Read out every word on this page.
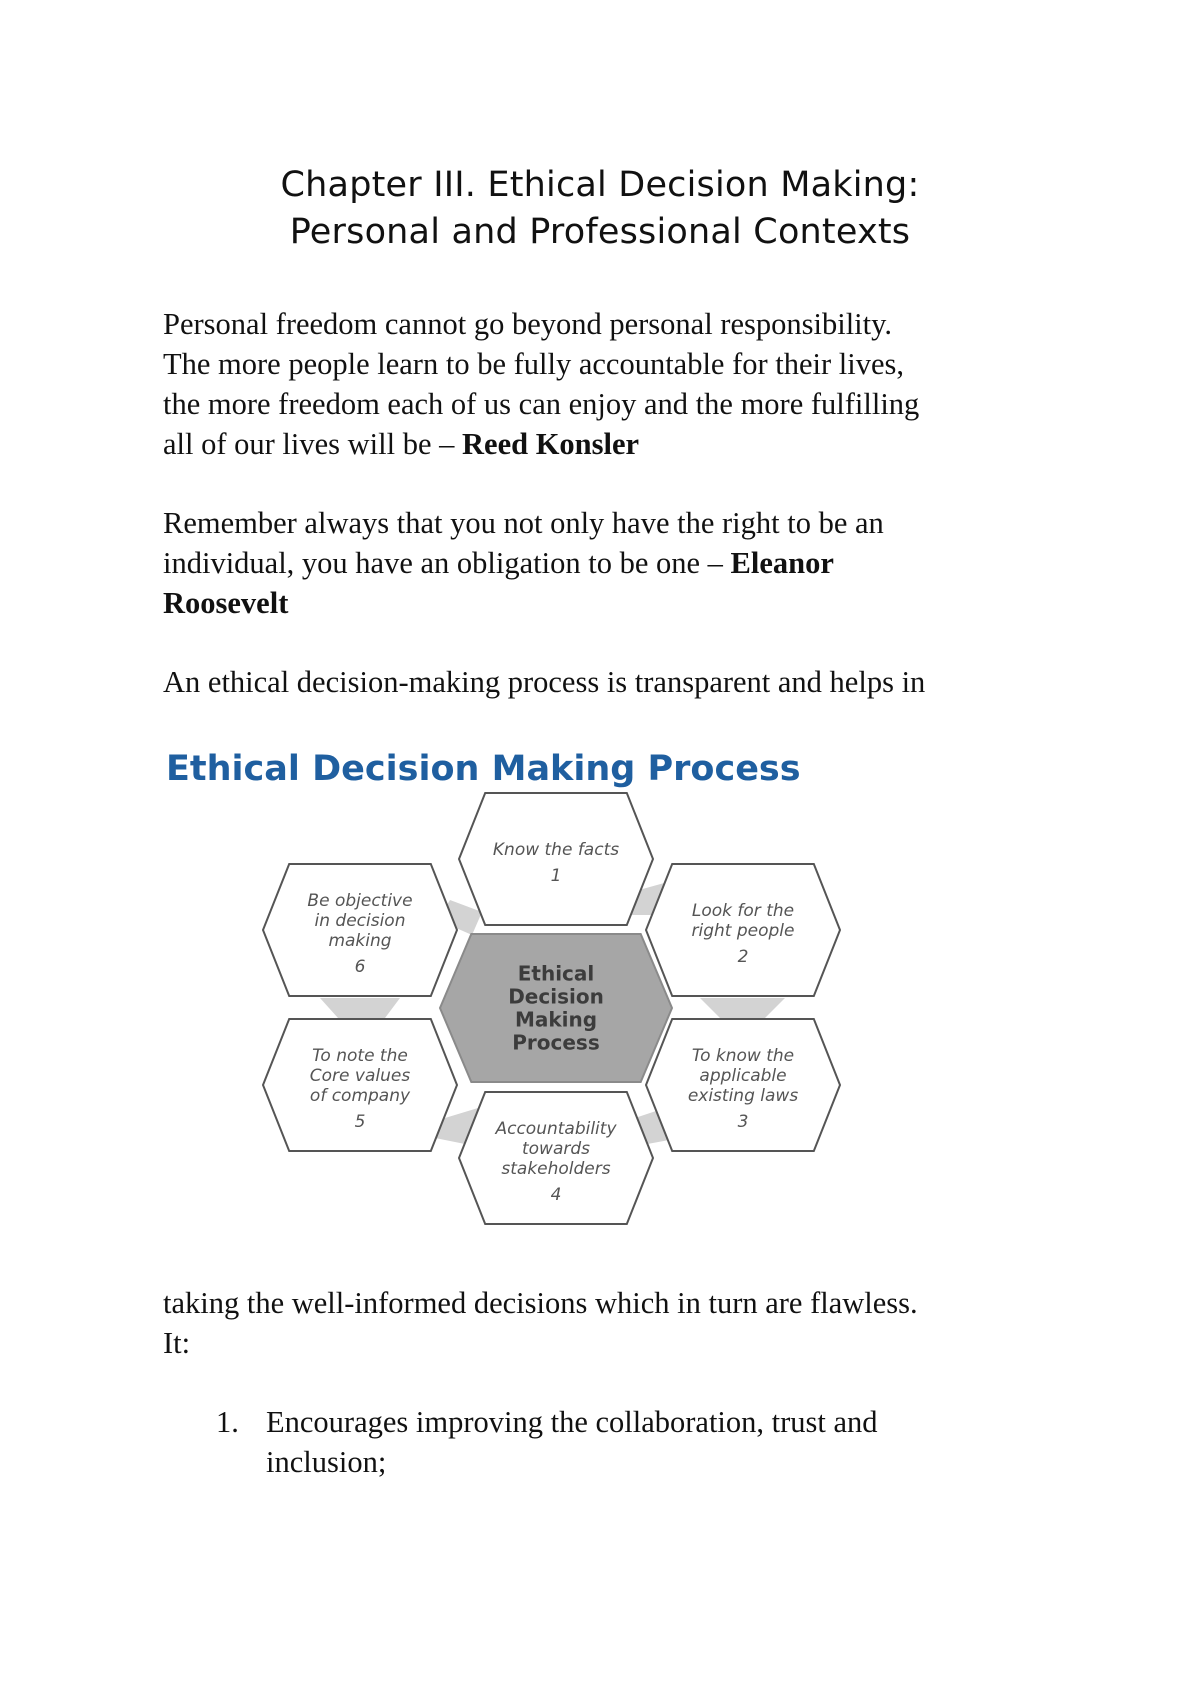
Chapter III. Ethical Decision Making:
Personal and Professional Contexts
Personal freedom cannot go beyond personal responsibility.
The more people learn to be fully accountable for their lives,
the more freedom each of us can enjoy and the more fulfilling
all of our lives will be – Reed Konsler
Remember always that you not only have the right to be an
individual, you have an obligation to be one – Eleanor
Roosevelt
An ethical decision-making process is transparent and helps in
Ethical Decision Making Process
Ethical
Decision
Making
Process
Know the facts
1
Look for the
right people
2
To know the
applicable
existing laws
3
Accountability
towards
stakeholders
4
To note the
Core values
of company
5
Be objective
in decision
making
6
taking the well-informed decisions which in turn are flawless.
It:
1. Encourages improving the collaboration, trust and
inclusion;
